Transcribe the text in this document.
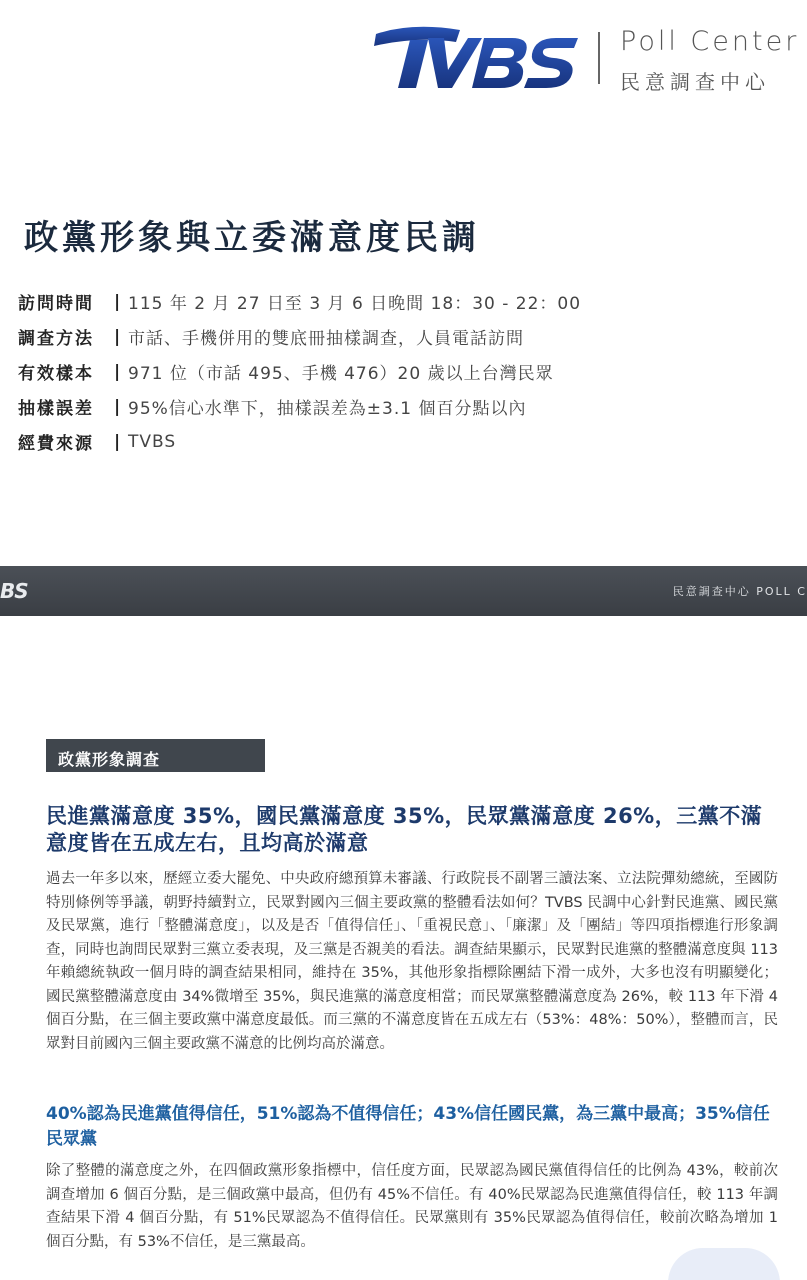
Poll Center
民意調查中心
政黨形象與立委滿意度民調
訪問時間	| 115 年 2 月 27 日至 3 月 6 日晚間 18：30 - 22：00
調查方法	| 市話、手機併用的雙底冊抽樣調查，人員電話訪問
有效樣本	| 971 位（市話 495、手機 476）20 歲以上台灣民眾
抽樣誤差	| 95%信心水準下，抽樣誤差為±3.1 個百分點以內
經費來源	| TVBS
BS	民意調查中心 POLL C
政黨形象調查
民進黨滿意度 35%，國民黨滿意度 35%，民眾黨滿意度 26%，三黨不滿意度皆在五成左右，且均高於滿意

過去一年多以來，歷經立委大罷免、中央政府總預算未審議、行政院長不副署三讀法案、立法院彈劾總統，至國防特別條例等爭議，朝野持續對立，民眾對國內三個主要政黨的整體看法如何？TVBS 民調中心針對民進黨、國民黨及民眾黨，進行「整體滿意度」，以及是否「值得信任」、「重視民意」、「廉潔」及「團結」等四項指標進行形象調查，同時也詢問民眾對三黨立委表現，及三黨是否親美的看法。調查結果顯示，民眾對民進黨的整體滿意度與 113 年賴總統執政一個月時的調查結果相同，維持在 35%，其他形象指標除團結下滑一成外，大多也沒有明顯變化；國民黨整體滿意度由 34%微增至 35%，與民進黨的滿意度相當；而民眾黨整體滿意度為 26%，較 113 年下滑 4 個百分點，在三個主要政黨中滿意度最低。而三黨的不滿意度皆在五成左右（53%：48%：50%），整體而言，民眾對目前國內三個主要政黨不滿意的比例均高於滿意。

40%認為民進黨值得信任，51%認為不值得信任；43%信任國民黨，為三黨中最高；35%信任民眾黨

除了整體的滿意度之外，在四個政黨形象指標中，信任度方面，民眾認為國民黨值得信任的比例為 43%，較前次調查增加 6 個百分點，是三個政黨中最高，但仍有 45%不信任。有 40%民眾認為民進黨值得信任，較 113 年調查結果下滑 4 個百分點，有 51%民眾認為不值得信任。民眾黨則有 35%民眾認為值得信任，較前次略為增加 1 個百分點，有 53%不信任，是三黨最高。
